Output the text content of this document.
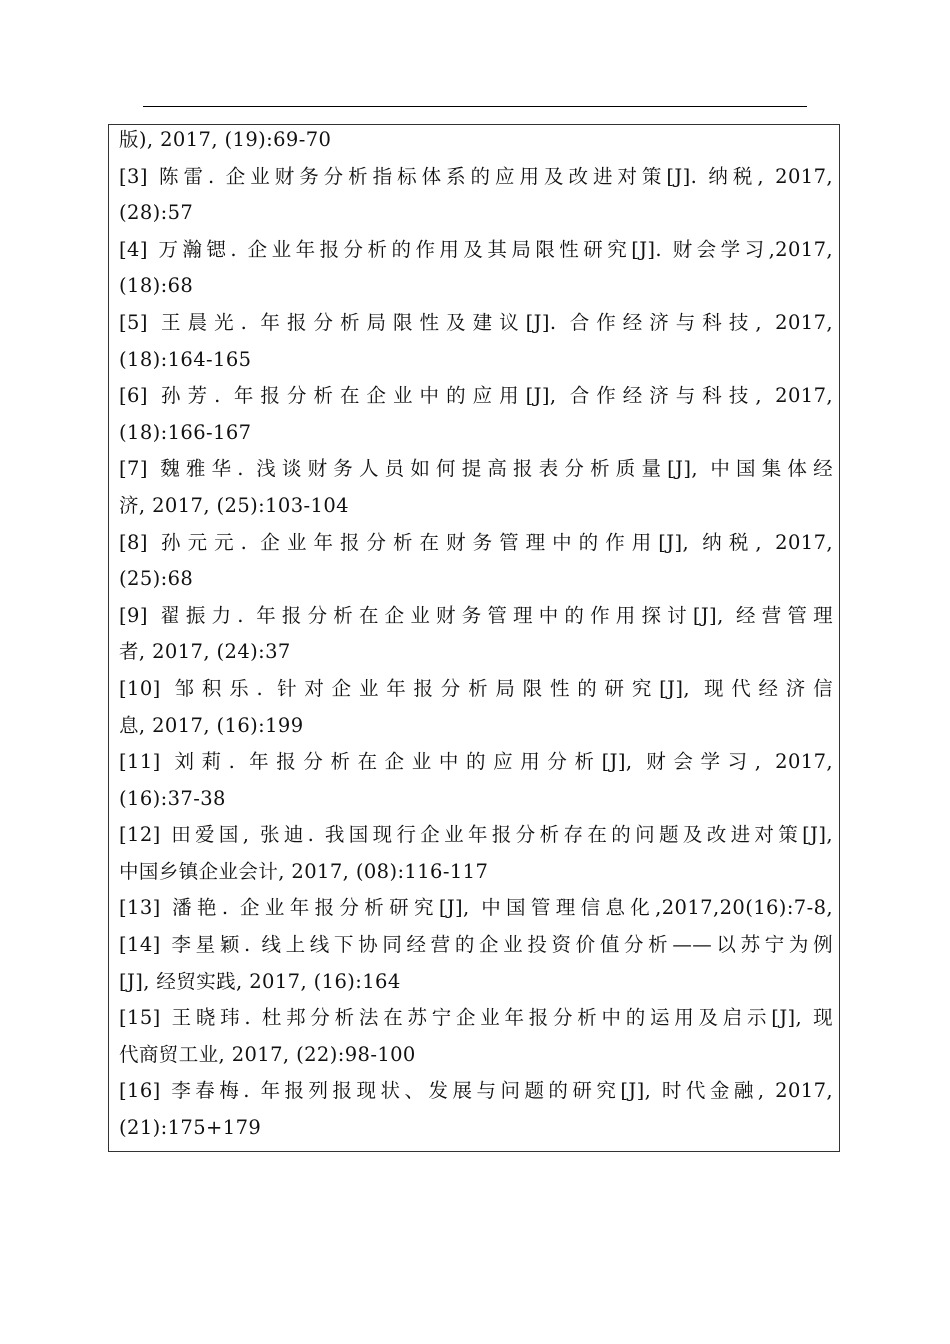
版), 2017, (19):69-70
[3] 陈雷. 企业财务分析指标体系的应用及改进对策[J]. 纳税, 2017,
(28):57
[4] 万瀚锶. 企业年报分析的作用及其局限性研究[J]. 财会学习,2017,
(18):68
[5] 王晨光. 年报分析局限性及建议[J]. 合作经济与科技, 2017,
(18):164-165
[6] 孙芳. 年报分析在企业中的应用[J], 合作经济与科技, 2017,
(18):166-167
[7] 魏雅华. 浅谈财务人员如何提高报表分析质量[J], 中国集体经
济, 2017, (25):103-104
[8] 孙元元. 企业年报分析在财务管理中的作用[J], 纳税, 2017,
(25):68
[9] 翟振力. 年报分析在企业财务管理中的作用探讨[J], 经营管理
者, 2017, (24):37
[10] 邹积乐. 针对企业年报分析局限性的研究[J], 现代经济信
息, 2017, (16):199
[11] 刘莉. 年报分析在企业中的应用分析[J], 财会学习, 2017,
(16):37-38
[12] 田爱国, 张迪. 我国现行企业年报分析存在的问题及改进对策[J],
中国乡镇企业会计, 2017, (08):116-117
[13] 潘艳. 企业年报分析研究[J], 中国管理信息化,2017,20(16):7-8,
[14] 李星颖. 线上线下协同经营的企业投资价值分析——以苏宁为例
[J], 经贸实践, 2017, (16):164
[15] 王晓玮. 杜邦分析法在苏宁企业年报分析中的运用及启示[J], 现
代商贸工业, 2017, (22):98-100
[16] 李春梅. 年报列报现状、发展与问题的研究[J], 时代金融, 2017,
(21):175+179
